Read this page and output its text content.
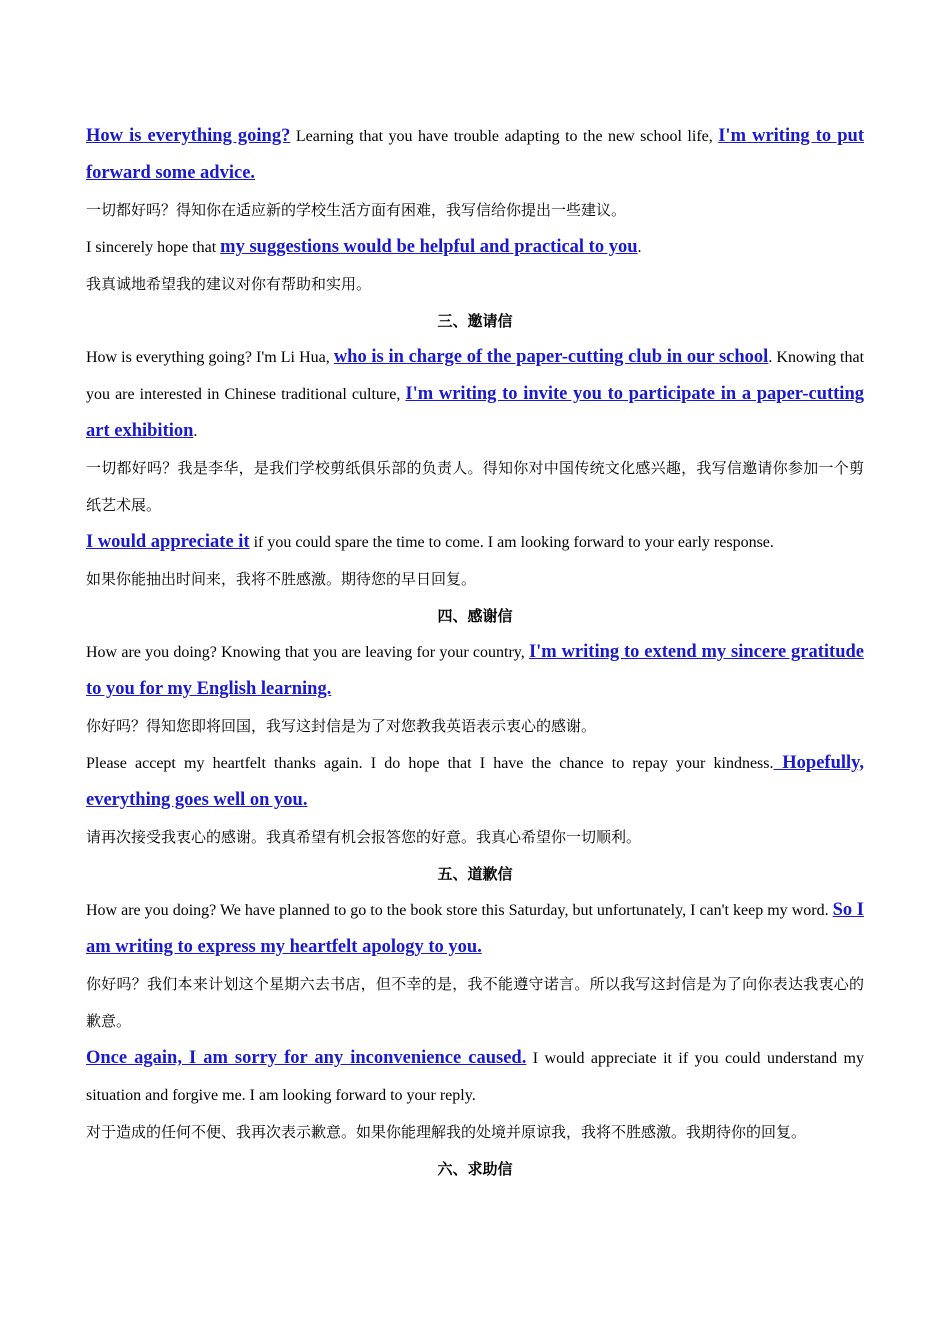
How is everything going? Learning that you have trouble adapting to the new school life, I'm writing to put forward some advice.

一切都好吗？得知你在适应新的学校生活方面有困难，我写信给你提出一些建议。

I sincerely hope that my suggestions would be helpful and practical to you.

我真诚地希望我的建议对你有帮助和实用。

三、邀请信

How is everything going? I'm Li Hua, who is in charge of the paper-cutting club in our school. Knowing that you are interested in Chinese traditional culture, I'm writing to invite you to participate in a paper-cutting art exhibition.

一切都好吗？我是李华，是我们学校剪纸俱乐部的负责人。得知你对中国传统文化感兴趣，我写信邀请你参加一个剪纸艺术展。

I would appreciate it if you could spare the time to come. I am looking forward to your early response.

如果你能抽出时间来，我将不胜感激。期待您的早日回复。

四、感谢信

How are you doing? Knowing that you are leaving for your country, I'm writing to extend my sincere gratitude to you for my English learning.

你好吗？得知您即将回国，我写这封信是为了对您教我英语表示衷心的感谢。

Please accept my heartfelt thanks again. I do hope that I have the chance to repay your kindness. Hopefully, everything goes well on you.

请再次接受我衷心的感谢。我真希望有机会报答您的好意。我真心希望你一切顺利。

五、道歉信

How are you doing? We have planned to go to the book store this Saturday, but unfortunately, I can't keep my word. So I am writing to express my heartfelt apology to you.

你好吗？我们本来计划这个星期六去书店，但不幸的是，我不能遵守诺言。所以我写这封信是为了向你表达我衷心的歉意。

Once again, I am sorry for any inconvenience caused. I would appreciate it if you could understand my situation and forgive me. I am looking forward to your reply.

对于造成的任何不便、我再次表示歉意。如果你能理解我的处境并原谅我，我将不胜感激。我期待你的回复。

六、求助信
